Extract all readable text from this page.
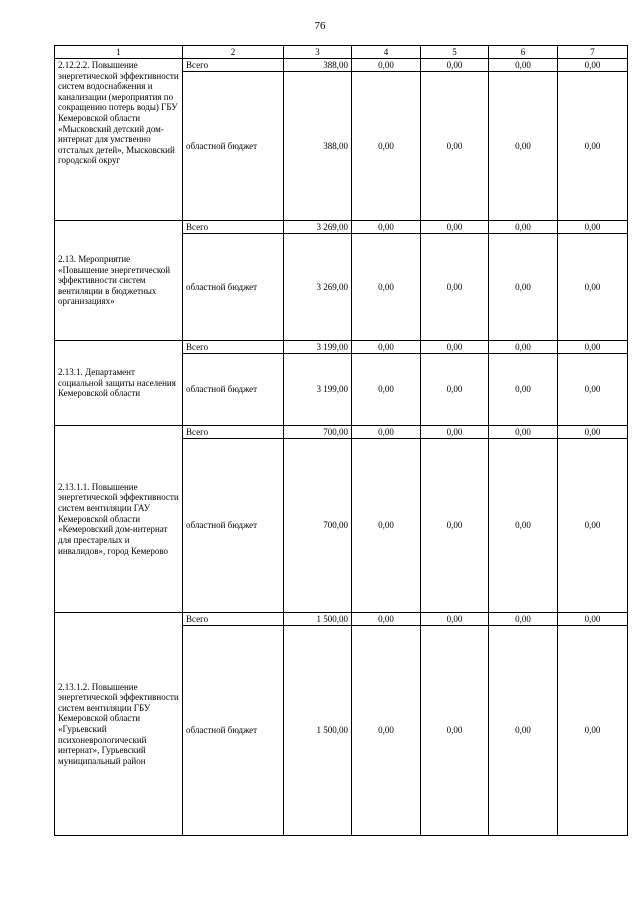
76
1	2	3	4	5	6	7
2.12.2.2. Повышение энергетической эффективности систем водоснабжения и канализации (мероприятия по сокращению потерь воды) ГБУ Кемеровской области «Мысковский детский дом-интернат для умственно отсталых детей», Мысковский городской округ	Всего	388,00	0,00	0,00	0,00	0,00
	областной бюджет	388,00	0,00	0,00	0,00	0,00
2.13. Мероприятие «Повышение энергетической эффективности систем вентиляции в бюджетных организациях»	Всего	3 269,00	0,00	0,00	0,00	0,00
	областной бюджет	3 269,00	0,00	0,00	0,00	0,00
2.13.1. Департамент социальной защиты населения Кемеровской области	Всего	3 199,00	0,00	0,00	0,00	0,00
	областной бюджет	3 199,00	0,00	0,00	0,00	0,00
2.13.1.1. Повышение энергетической эффективности систем вентиляции ГАУ Кемеровской области «Кемеровский дом-интернат для престарелых и инвалидов», город Кемерово	Всего	700,00	0,00	0,00	0,00	0,00
	областной бюджет	700,00	0,00	0,00	0,00	0,00
2.13.1.2. Повышение энергетической эффективности систем вентиляции ГБУ Кемеровской области «Гурьевский психоневрологический интернат», Гурьевский муниципальный район	Всего	1 500,00	0,00	0,00	0,00	0,00
	областной бюджет	1 500,00	0,00	0,00	0,00	0,00
